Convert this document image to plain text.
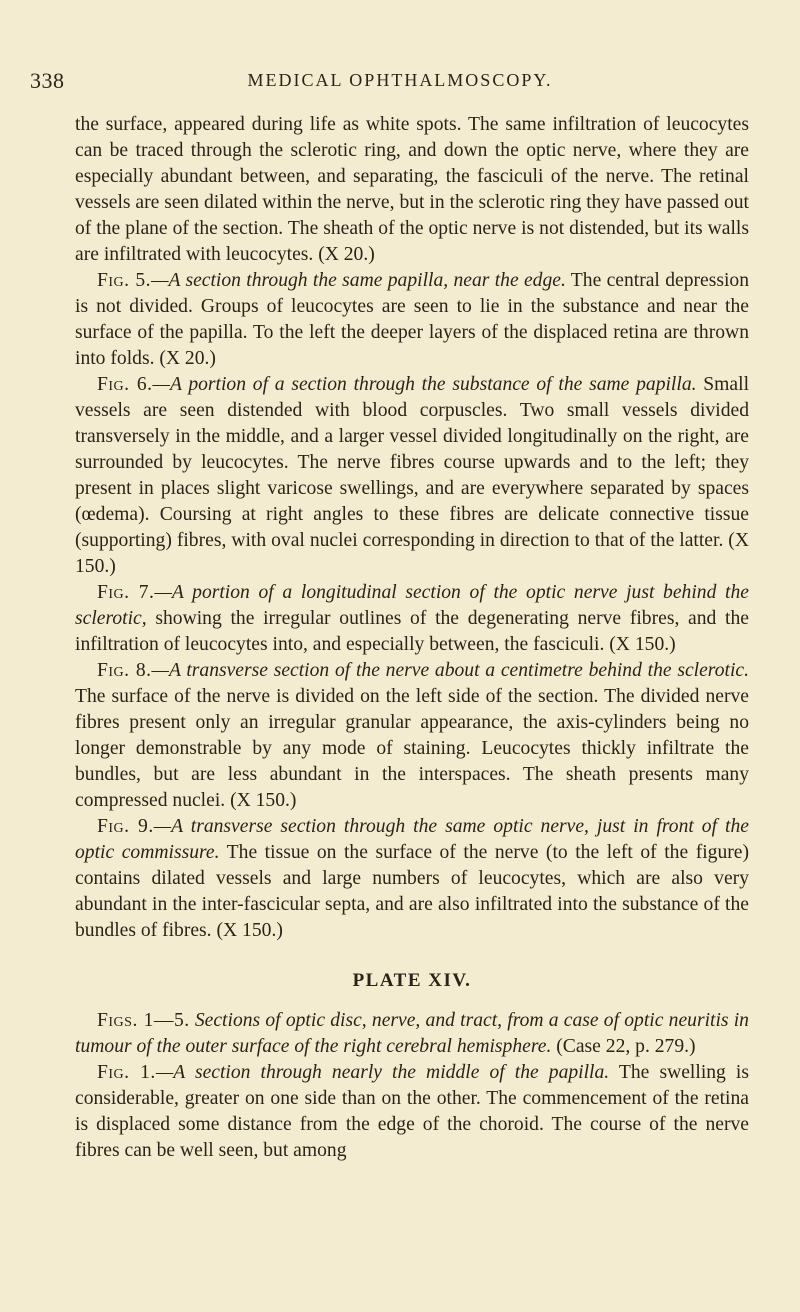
338	MEDICAL OPHTHALMOSCOPY.

the surface, appeared during life as white spots. The same infiltration of leucocytes can be traced through the sclerotic ring, and down the optic nerve, where they are especially abundant between, and separating, the fasciculi of the nerve. The retinal vessels are seen dilated within the nerve, but in the sclerotic ring they have passed out of the plane of the section. The sheath of the optic nerve is not distended, but its walls are infiltrated with leucocytes. (X 20.)

Fig. 5.—A section through the same papilla, near the edge. The central depression is not divided. Groups of leucocytes are seen to lie in the substance and near the surface of the papilla. To the left the deeper layers of the displaced retina are thrown into folds. (X 20.)

Fig. 6.—A portion of a section through the substance of the same papilla. Small vessels are seen distended with blood corpuscles. Two small vessels divided transversely in the middle, and a larger vessel divided longitudinally on the right, are surrounded by leucocytes. The nerve fibres course upwards and to the left; they present in places slight varicose swellings, and are everywhere separated by spaces (œdema). Coursing at right angles to these fibres are delicate connective tissue (supporting) fibres, with oval nuclei corresponding in direction to that of the latter. (X 150.)

Fig. 7.—A portion of a longitudinal section of the optic nerve just behind the sclerotic, showing the irregular outlines of the degenerating nerve fibres, and the infiltration of leucocytes into, and especially between, the fasciculi. (X 150.)

Fig. 8.—A transverse section of the nerve about a centimetre behind the sclerotic. The surface of the nerve is divided on the left side of the section. The divided nerve fibres present only an irregular granular appearance, the axis-cylinders being no longer demonstrable by any mode of staining. Leucocytes thickly infiltrate the bundles, but are less abundant in the interspaces. The sheath presents many compressed nuclei. (X 150.)

Fig. 9.—A transverse section through the same optic nerve, just in front of the optic commissure. The tissue on the surface of the nerve (to the left of the figure) contains dilated vessels and large numbers of leucocytes, which are also very abundant in the inter-fascicular septa, and are also infiltrated into the substance of the bundles of fibres. (X 150.)

PLATE XIV.

Figs. 1—5. Sections of optic disc, nerve, and tract, from a case of optic neuritis in tumour of the outer surface of the right cerebral hemisphere. (Case 22, p. 279.)

Fig. 1.—A section through nearly the middle of the papilla. The swelling is considerable, greater on one side than on the other. The commencement of the retina is displaced some distance from the edge of the choroid. The course of the nerve fibres can be well seen, but among
